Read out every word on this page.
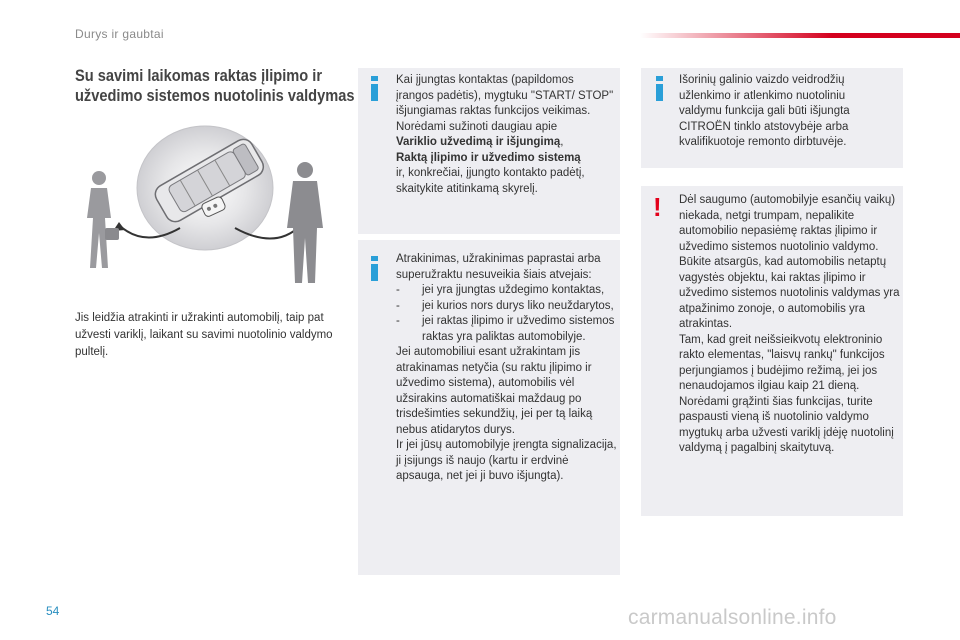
Durys ir gaubtai
Su savimi laikomas raktas įlipimo ir
užvedimo sistemos nuotolinis valdymas
Jis leidžia atrakinti ir užrakinti automobilį, taip pat užvesti variklį, laikant su savimi nuotolinio valdymo pultelį.

Kai įjungtas kontaktas (papildomos įrangos padėtis), mygtuku "START/ STOP" išjungiamas raktas funkcijos veikimas.

Norėdami sužinoti daugiau apie

Variklio užvedimą ir išjungimą,

Raktą įlipimo ir užvedimo sistemą

ir, konkrečiai, įjungto kontakto padėtį, skaitykite atitinkamą skyrelį.

Atrakinimas, užrakinimas paprastai arba superužraktu nesuveikia šiais atvejais:

-	jei yra įjungtas uždegimo kontaktas,
-	jei kurios nors durys liko neuždarytos,
-	jei raktas įlipimo ir užvedimo sistemos raktas yra paliktas automobilyje.

Jei automobiliui esant užrakintam jis atrakinamas netyčia (su raktu įlipimo ir užvedimo sistema), automobilis vėl užsirakins automatiškai maždaug po trisdešimties sekundžių, jei per tą laiką nebus atidarytos durys.

Ir jei jūsų automobilyje įrengta signalizacija, ji įsijungs iš naujo (kartu ir erdvinė apsauga, net jei ji buvo išjungta).

Išorinių galinio vaizdo veidrodžių užlenkimo ir atlenkimo nuotoliniu valdymu funkcija gali būti išjungta CITROËN tinklo atstovybėje arba kvalifikuotoje remonto dirbtuvėje.
!	Dėl saugumo (automobilyje esančių vaikų) niekada, netgi trumpam, nepalikite automobilio nepasiėmę raktas įlipimo ir užvedimo sistemos nuotolinio valdymo.

Būkite atsargūs, kad automobilis netaptų vagystės objektu, kai raktas įlipimo ir užvedimo sistemos nuotolinis valdymas yra atpažinimo zonoje, o automobilis yra atrakintas.

Tam, kad greit neišsieikvotų elektroninio rakto elementas, "laisvų rankų" funkcijos perjungiamos į budėjimo režimą, jei jos nenaudojamos ilgiau kaip 21 dieną.

Norėdami grąžinti šias funkcijas, turite paspausti vieną iš nuotolinio valdymo mygtukų arba užvesti variklį įdėję nuotolinį valdymą į pagalbinį skaitytuvą.

54	carmanualsonline.info
